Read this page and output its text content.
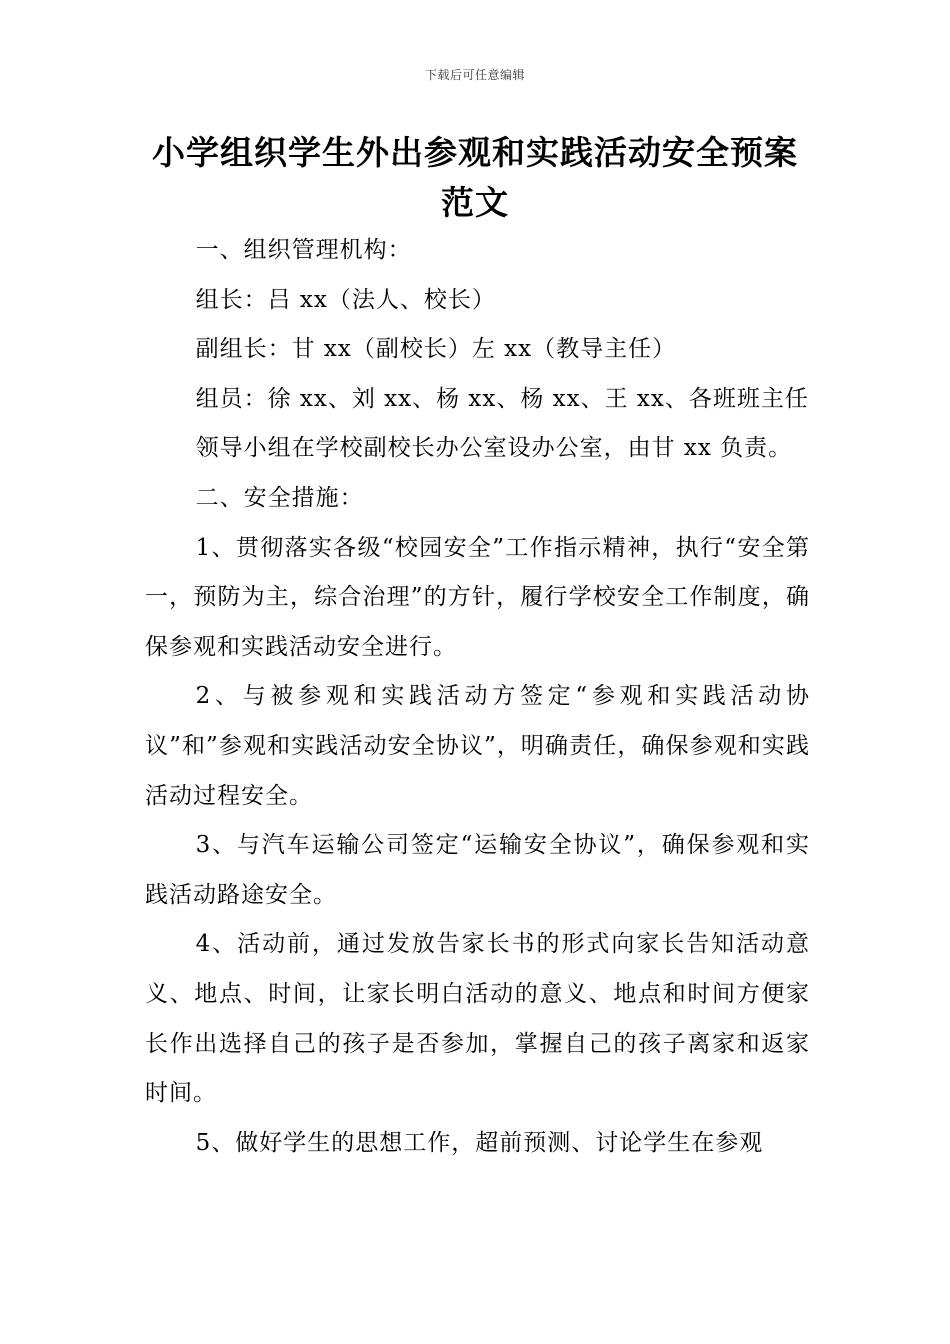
下载后可任意编辑
小学组织学生外出参观和实践活动安全预案范文

一、组织管理机构：

组长：吕 xx（法人、校长）

副组长：甘 xx（副校长）左 xx（教导主任）

组员：徐 xx、刘 xx、杨 xx、杨 xx、王 xx、各班班主任

领导小组在学校副校长办公室设办公室，由甘 xx 负责。

二、安全措施：

1、贯彻落实各级“校园安全”工作指示精神，执行“安全第一，预防为主，综合治理”的方针，履行学校安全工作制度，确保参观和实践活动安全进行。

2、与被参观和实践活动方签定“参观和实践活动协议”和”参观和实践活动安全协议”，明确责任，确保参观和实践活动过程安全。

3、与汽车运输公司签定“运输安全协议”，确保参观和实践活动路途安全。

4、活动前，通过发放告家长书的形式向家长告知活动意义、地点、时间，让家长明白活动的意义、地点和时间方便家长作出选择自己的孩子是否参加，掌握自己的孩子离家和返家时间。

5、做好学生的思想工作，超前预测、讨论学生在参观
